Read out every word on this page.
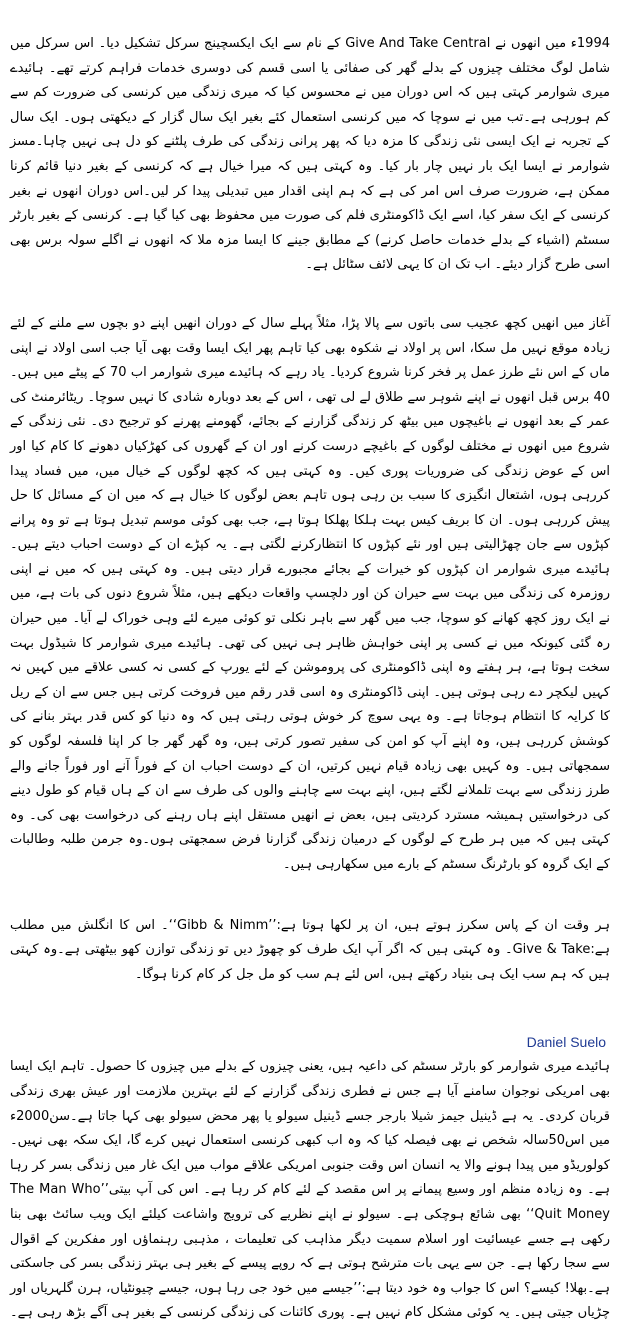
1994ء میں انھوں نے Give And Take Central کے نام سے ایک ایکسچینج سرکل تشکیل دیا۔ اس سرکل میں شامل لوگ مختلف چیزوں کے بدلے گھر کی صفائی یا اسی قسم کی دوسری خدمات فراہم کرتے تھے۔ ہائیدے میری شوارمر کہتی ہیں کہ اس دوران میں نے محسوس کیا کہ میری زندگی میں کرنسی کی ضرورت کم سے کم ہورہی ہے۔تب میں نے سوچا کہ میں کرنسی استعمال کئے بغیر ایک سال گزار کے دیکھتی ہوں۔ ایک سال کے تجربہ نے ایک ایسی نئی زندگی کا مزہ دیا کہ پھر پرانی زندگی کی طرف پلٹنے کو دل ہی نہیں چاہا۔مسز شوارمر نے ایسا ایک بار نہیں چار بار کیا۔ وہ کہتی ہیں کہ میرا خیال ہے کہ کرنسی کے بغیر دنیا قائم کرنا ممکن ہے، ضرورت صرف اس امر کی ہے کہ ہم اپنی اقدار میں تبدیلی پیدا کر لیں۔اس دوران انھوں نے بغیر کرنسی کے ایک سفر کیا، اسے ایک ڈاکومنٹری فلم کی صورت میں محفوظ بھی کیا گیا ہے۔ کرنسی کے بغیر بارٹر سسٹم (اشیاء کے بدلے خدمات حاصل کرنے) کے مطابق جینے کا ایسا مزہ ملا کہ انھوں نے اگلے سولہ برس بھی اسی طرح گزار دیئے۔ اب تک ان کا یہی لائف سٹائل ہے۔

آغاز میں انھیں کچھ عجیب سی باتوں سے پالا پڑا، مثلاً پہلے سال کے دوران انھیں اپنے دو بچوں سے ملنے کے لئے زیادہ موقع نہیں مل سکا، اس پر اولاد نے شکوہ بھی کیا تاہم پھر ایک ایسا وقت بھی آیا جب اسی اولاد نے اپنی ماں کے اس نئے طرز عمل پر فخر کرنا شروع کردیا۔ یاد رہے کہ ہائیدے میری شوارمر اب 70 کے پیٹے میں ہیں۔40 برس قبل انھوں نے اپنے شوہر سے طلاق لے لی تھی ، اس کے بعد دوبارہ شادی کا نہیں سوچا۔ ریٹائرمنٹ کی عمر کے بعد انھوں نے باغیچوں میں بیٹھ کر زندگی گزارنے کے بجائے، گھومنے پھرنے کو ترجیح دی۔ نئی زندگی کے شروع میں انھوں نے مختلف لوگوں کے باغیچے درست کرنے اور ان کے گھروں کی کھڑکیاں دھونے کا کام کیا اور اس کے عوض زندگی کی ضروریات پوری کیں۔ وہ کہتی ہیں کہ کچھ لوگوں کے خیال میں، میں فساد پیدا کررہی ہوں، اشتعال انگیزی کا سبب بن رہی ہوں تاہم بعض لوگوں کا خیال ہے کہ میں ان کے مسائل کا حل پیش کررہی ہوں۔ ان کا بریف کیس بہت ہلکا پھلکا ہوتا ہے، جب بھی کوئی موسم تبدیل ہوتا ہے تو وہ پرانے کپڑوں سے جان چھڑالیتی ہیں اور نئے کپڑوں کا انتظارکرنے لگتی ہے۔ یہ کپڑے ان کے دوست احباب دیتے ہیں۔ ہائیدے میری شوارمر ان کپڑوں کو خیرات کے بجائے مجبورے قرار دیتی ہیں۔ وہ کہتی ہیں کہ میں نے اپنی روزمرہ کی زندگی میں بہت سے حیران کن اور دلچسپ واقعات دیکھے ہیں، مثلاً شروع دنوں کی بات ہے، میں نے ایک روز کچھ کھانے کو سوچا، جب میں گھر سے باہر نکلی تو کوئی میرے لئے وہی خوراک لے آیا۔ میں حیران رہ گئی کیونکہ میں نے کسی پر اپنی خواہش ظاہر ہی نہیں کی تھی۔ ہائیدے میری شوارمر کا شیڈول بہت سخت ہوتا ہے، ہر ہفتے وہ اپنی ڈاکومنٹری کی پروموشن کے لئے یورپ کے کسی نہ کسی علاقے میں کہیں نہ کہیں لیکچر دے رہی ہوتی ہیں۔ اپنی ڈاکومنٹری وہ اسی قدر رقم میں فروخت کرتی ہیں جس سے ان کے ریل کا کرایہ کا انتظام ہوجاتا ہے۔ وہ یہی سوچ کر خوش ہوتی رہتی ہیں کہ وہ دنیا کو کس قدر بہتر بنانے کی کوشش کررہی ہیں، وہ اپنے آپ کو امن کی سفیر تصور کرتی ہیں، وہ گھر گھر جا کر اپنا فلسفہ لوگوں کو سمجھاتی ہیں۔ وہ کہیں بھی زیادہ قیام نہیں کرتیں، ان کے دوست احباب ان کے فوراً آنے اور فوراً جانے والے طرز زندگی سے بہت تلملانے لگتے ہیں، اپنے بہت سے چاہنے والوں کی طرف سے ان کے ہاں قیام کو طول دینے کی درخواستیں ہمیشہ مسترد کردیتی ہیں، بعض نے انھیں مستقل اپنے ہاں رہنے کی درخواست بھی کی۔ وہ کہتی ہیں کہ میں ہر طرح کے لوگوں کے درمیان زندگی گزارنا فرض سمجھتی ہوں۔وہ جرمن طلبہ وطالبات کے ایک گروہ کو بارٹرنگ سسٹم کے بارے میں سکھارہی ہیں۔

ہر وقت ان کے پاس سکرز ہوتے ہیں، ان پر لکھا ہوتا ہے:’’Gibb & Nimm‘‘۔ اس کا انگلش میں مطلب ہے:Give & Take۔ وہ کہتی ہیں کہ اگر آپ ایک طرف کو چھوڑ دیں تو زندگی توازن کھو بیٹھتی ہے۔وہ کہتی ہیں کہ ہم سب ایک ہی بنیاد رکھتے ہیں، اس لئے ہم سب کو مل جل کر کام کرنا ہوگا۔

Daniel Suelo

ہائیدے میری شوارمر کو بارٹر سسٹم کی داعیہ ہیں، یعنی چیزوں کے بدلے میں چیزوں کا حصول۔ تاہم ایک ایسا بھی امریکی نوجوان سامنے آیا ہے جس نے فطری زندگی گزارنے کے لئے بہترین ملازمت اور عیش بھری زندگی قربان کردی۔ یہ ہے ڈینیل جیمز شیلا بارجر جسے ڈینیل سیولو یا پھر محض سیولو بھی کہا جاتا ہے۔سن2000ء میں اس50سالہ شخص نے بھی فیصلہ کیا کہ وہ اب کبھی کرنسی استعمال نہیں کرے گا، ایک سکہ بھی نہیں۔ کولوریڈو میں پیدا ہونے والا یہ انسان اس وقت جنوبی امریکی علاقے مواب میں ایک غار میں زندگی بسر کر رہا ہے۔ وہ زیادہ منظم اور وسیع پیمانے پر اس مقصد کے لئے کام کر رہا ہے۔ اس کی آپ بیتی’’The Man Who Quit Money‘‘ بھی شائع ہوچکی ہے۔ سیولو نے اپنے نظریے کی ترویج واشاعت کیلئے ایک ویب سائٹ بھی بنا رکھی ہے جسے عیسائیت اور اسلام سمیت دیگر مذاہب کی تعلیمات ، مذہبی رہنماؤں اور مفکرین کے اقوال سے سجا رکھا ہے۔ جن سے یہی بات مترشح ہوتی ہے کہ روپے پیسے کے بغیر ہی بہتر زندگی بسر کی جاسکتی ہے۔بھلا! کیسے؟ اس کا جواب وہ خود دیتا ہے:’’جیسے میں خود جی رہا ہوں، جیسے چیونٹیاں، ہرن گلہریاں اور چڑیاں جیتی ہیں۔ یہ کوئی مشکل کام نہیں ہے۔ پوری کائنات کی زندگی کرنسی کے بغیر ہی آگے بڑھ رہی ہے۔
